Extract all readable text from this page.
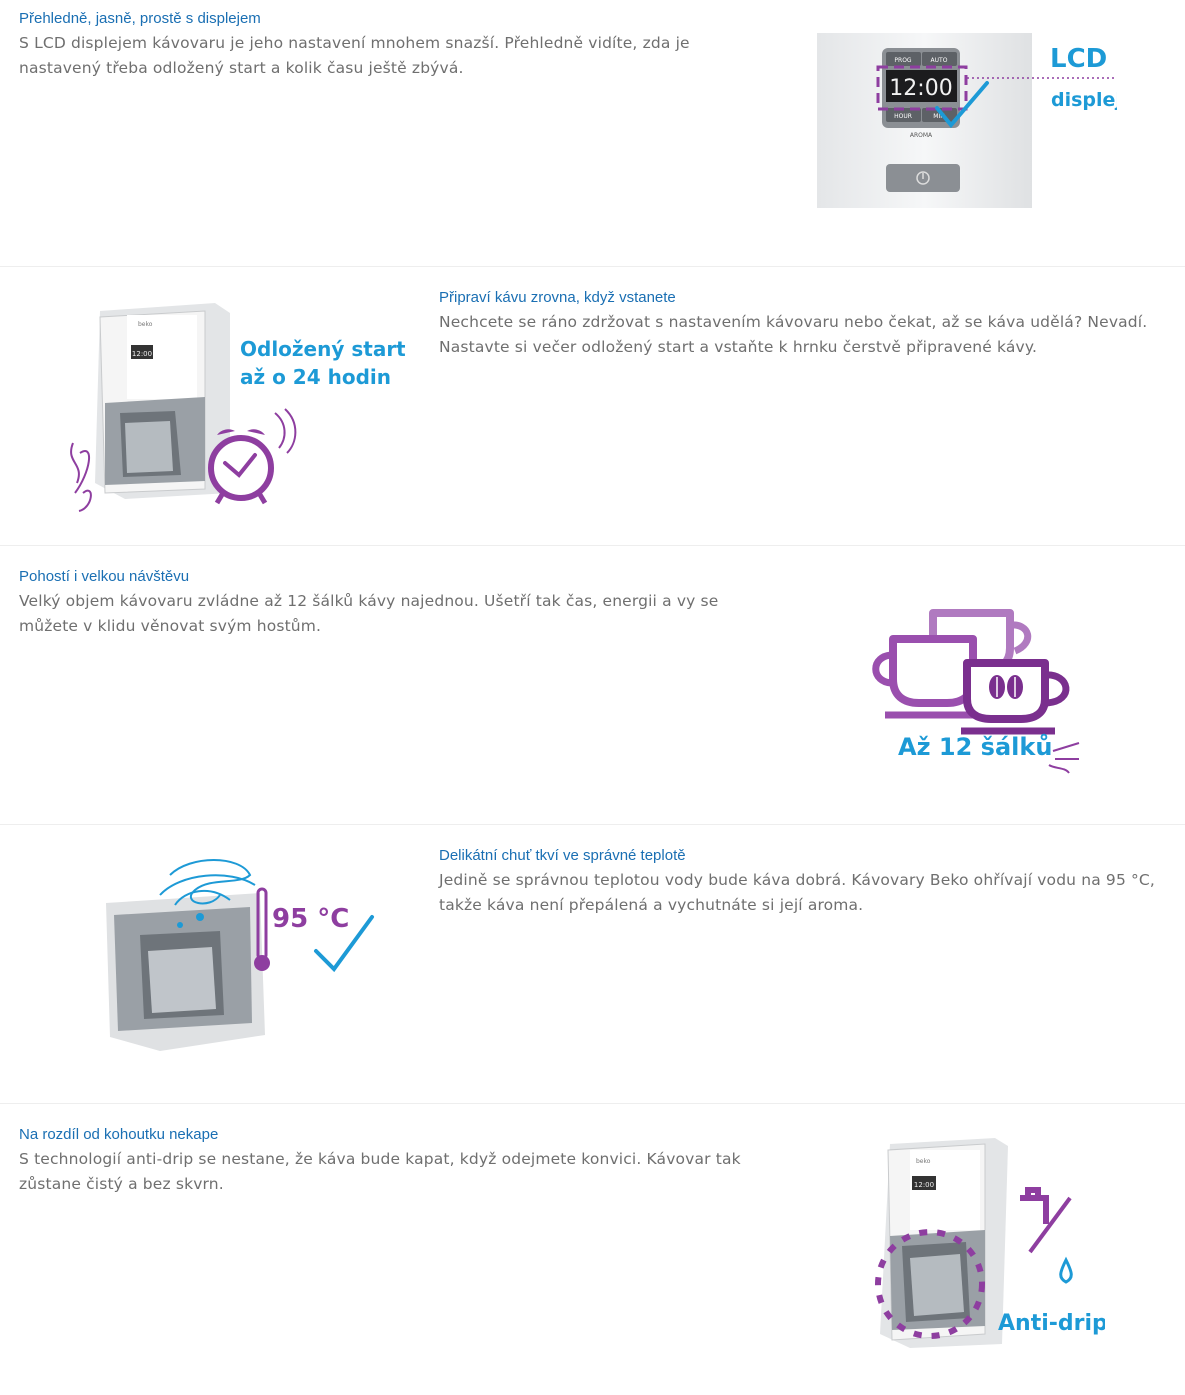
Přehledně, jasně, prostě s displejem

S LCD displejem kávovaru je jeho nastavení mnohem snazší. Přehledně vidíte, zda je nastavený třeba odložený start a kolik času ještě zbývá.	PROG	AUTO
12:00
HOUR	MIN
AROMA
LCD
displej
Připraví kávu zrovna, když vstanete

Nechcete se ráno zdržovat s nastavením kávovaru nebo čekat, až se káva udělá? Nevadí. Nastavte si večer odložený start a vstaňte k hrnku čerstvě připravené kávy.

12:00
beko
Odložený start
až o 24 hodin
Pohostí i velkou návštěvu

Velký objem kávovaru zvládne až 12 šálků kávy najednou. Ušetří tak čas, energii a vy se můžete v klidu věnovat svým hostům.

Až 12 šálků
Delikátní chuť tkví ve správné teplotě

Jedině se správnou teplotou vody bude káva dobrá. Kávovary Beko ohřívají vodu na 95 °C, takže káva není přepálená a vychutnáte si její aroma.

95 °C
Na rozdíl od kohoutku nekape

S technologií anti-drip se nestane, že káva bude kapat, když odejmete konvici. Kávovar tak zůstane čistý a bez skvrn.	12:00
beko
Anti-drip
